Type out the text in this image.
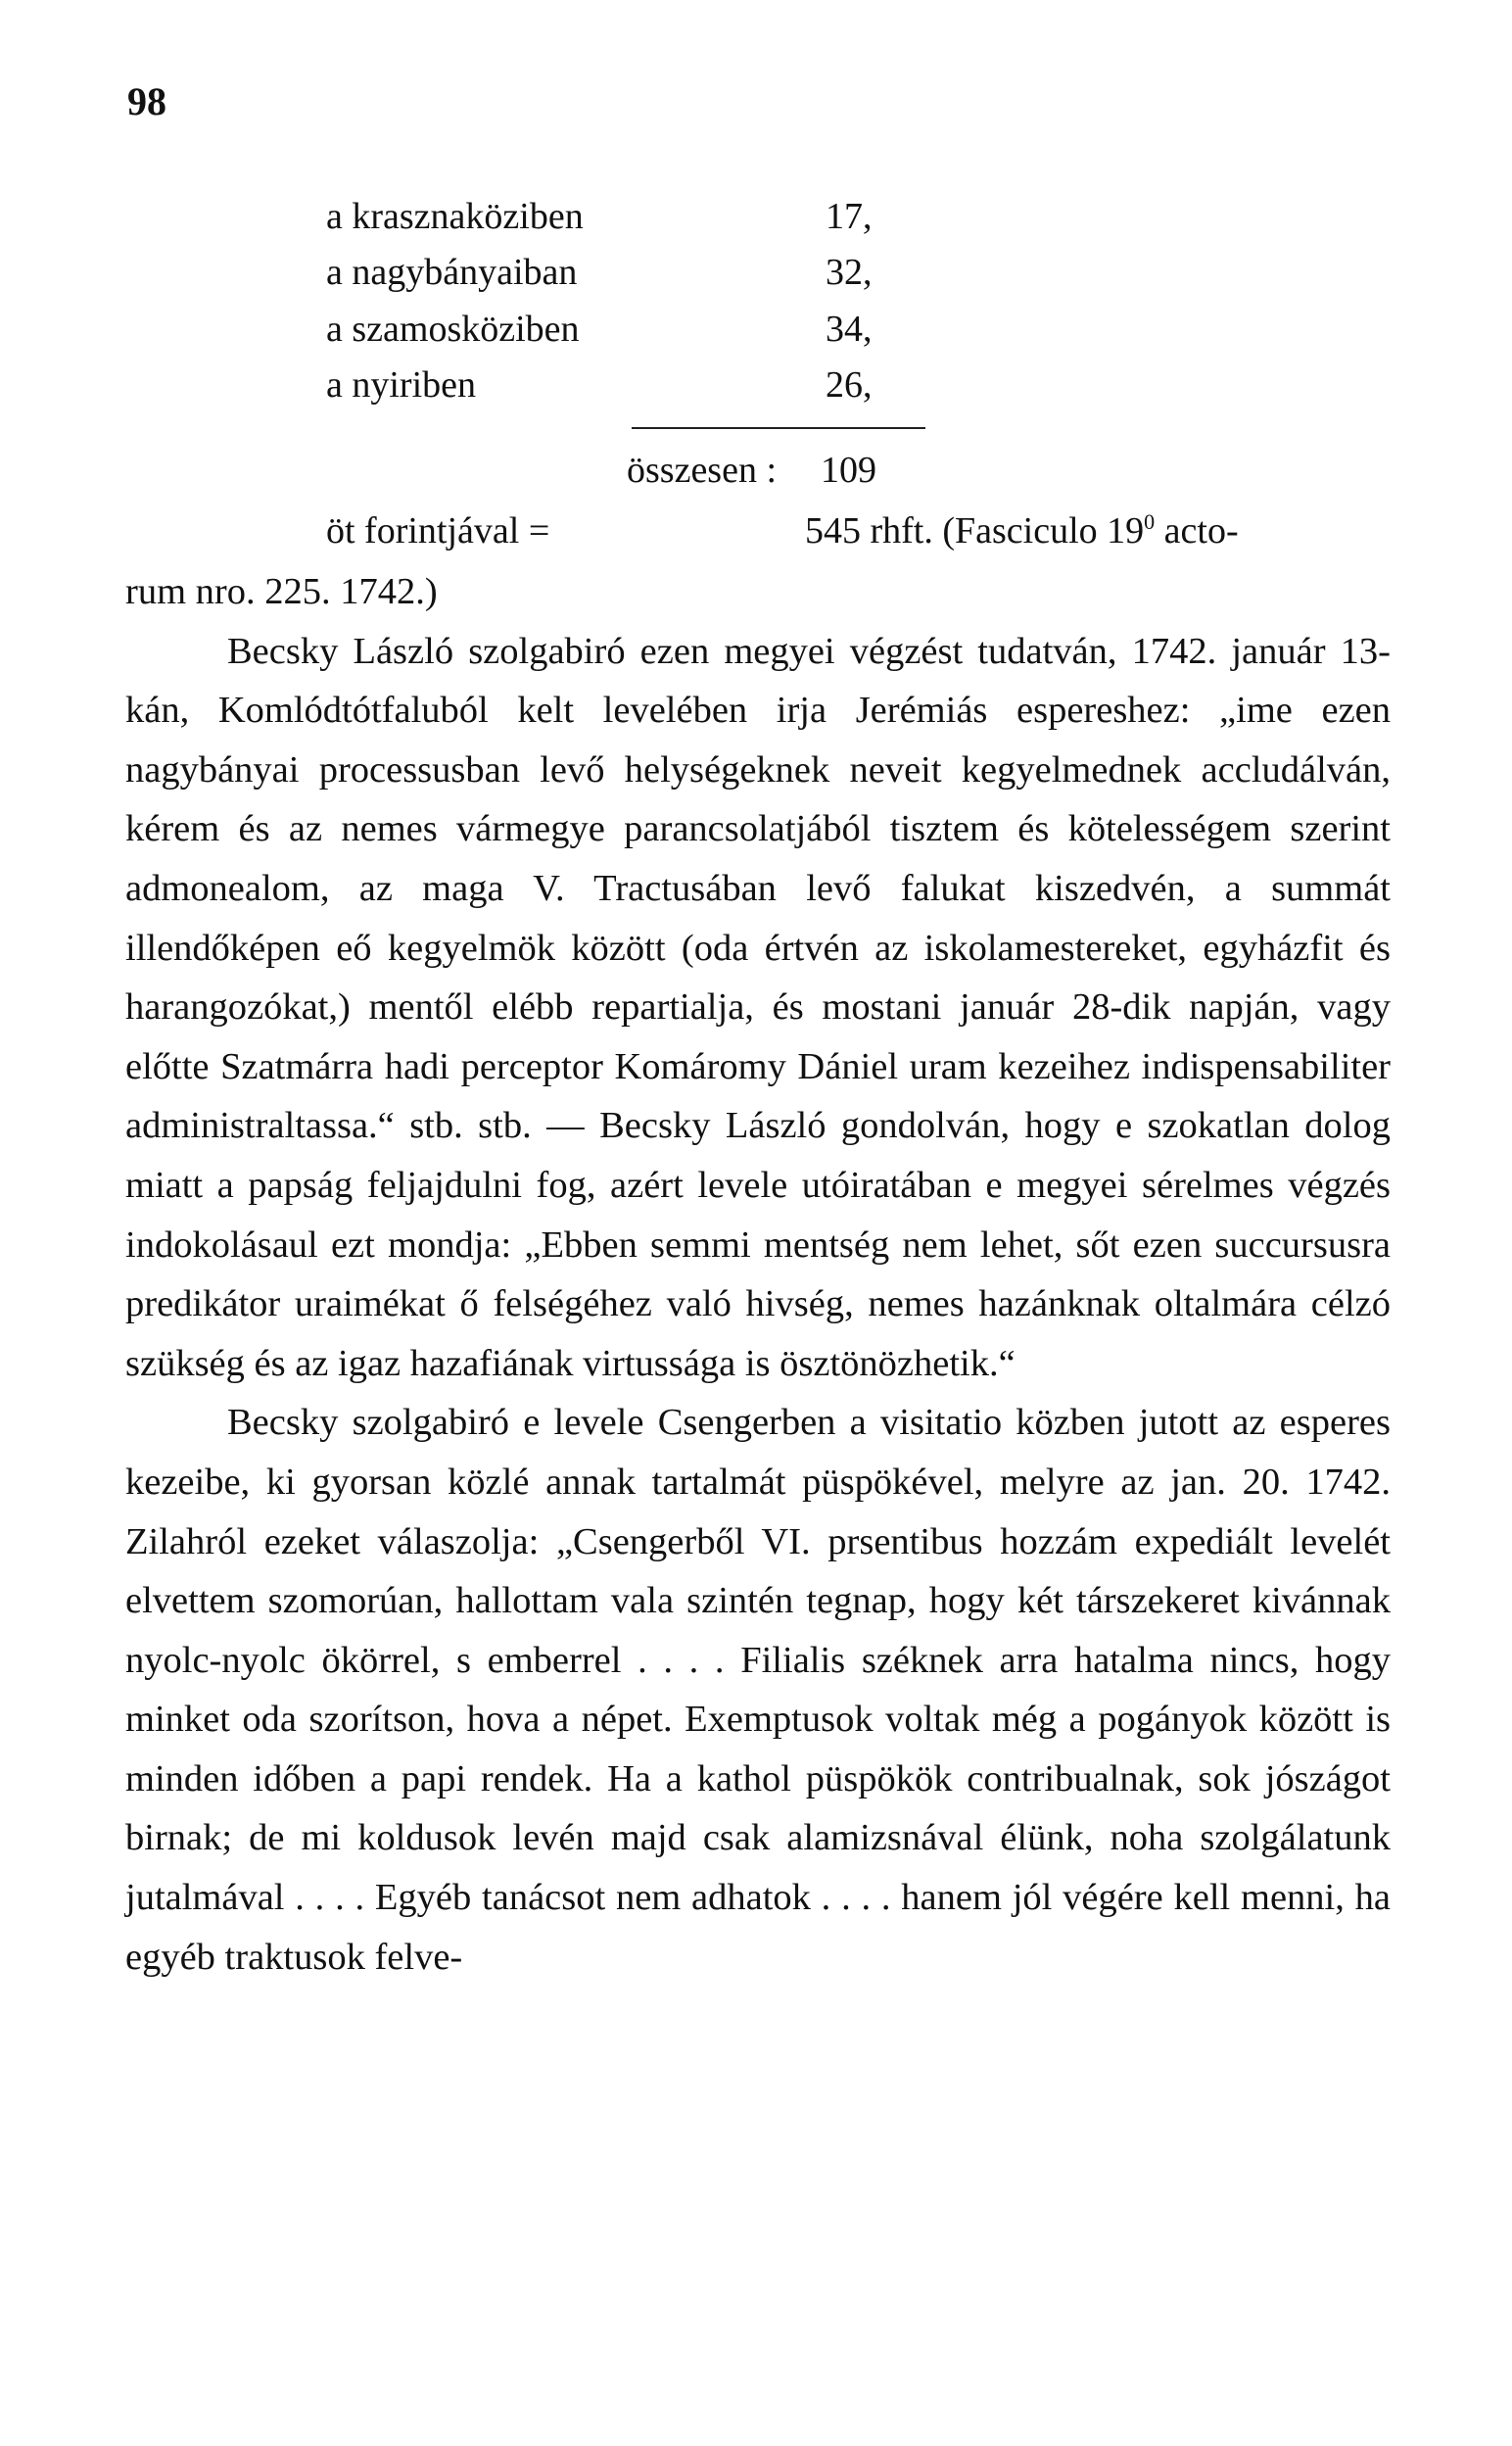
98
a krasznaköziben	17,
a nagybányaiban	32,
a szamosköziben	34,
a nyiriben	26,
összesen : 109
öt forintjával =	545 rhft. (Fasciculo $19^0$ acto-

rum nro. 225. 1742.)

Becsky László szolgabiró ezen megyei végzést tudatván, 1742. január 13-kán, Komlódtótfaluból kelt levelében irja Jerémiás espereshez: „ime ezen nagybányai processusban levő helységeknek neveit kegyelmednek accludálván, kérem és az nemes vármegye parancsolatjából tisztem és kötelességem szerint admonealom, az maga V. Tractusában levő falukat kiszedvén, a summát illendőképen eő kegyelmök között (oda értvén az iskolamestereket, egyházfit és harangozókat,) mentől elébb repartialja, és mostani január 28-dik napján, vagy előtte Szatmárra hadi perceptor Komáromy Dániel uram kezeihez indispensabiliter administraltassa.“ stb. stb. — Becsky László gondolván, hogy e szokatlan dolog miatt a papság feljajdulni fog, azért levele utóiratában e megyei sérelmes végzés indokolásaul ezt mondja: „Ebben semmi mentség nem lehet, sőt ezen succursusra predikátor uraimékat ő felségéhez való hivség, nemes hazánknak oltalmára célzó szükség és az igaz hazafiának virtussága is ösztönözhetik.“

Becsky szolgabiró e levele Csengerben a visitatio közben jutott az esperes kezeibe, ki gyorsan közlé annak tartalmát püspökével, melyre az jan. 20. 1742. Zilahról ezeket válaszolja: „Csengerből VI. prsentibus hozzám expediált levelét elvettem szomorúan, hallottam vala szintén tegnap, hogy két társzekeret kivánnak nyolc-nyolc ökörrel, s emberrel . . . . Filialis széknek arra hatalma nincs, hogy minket oda szorítson, hova a népet. Exemptusok voltak még a pogányok között is minden időben a papi rendek. Ha a kathol püspökök contribualnak, sok jószágot birnak; de mi koldusok levén majd csak alamizsnával élünk, noha szolgálatunk jutalmával . . . . Egyéb tanácsot nem adhatok . . . . hanem jól végére kell menni, ha egyéb traktusok felve-
